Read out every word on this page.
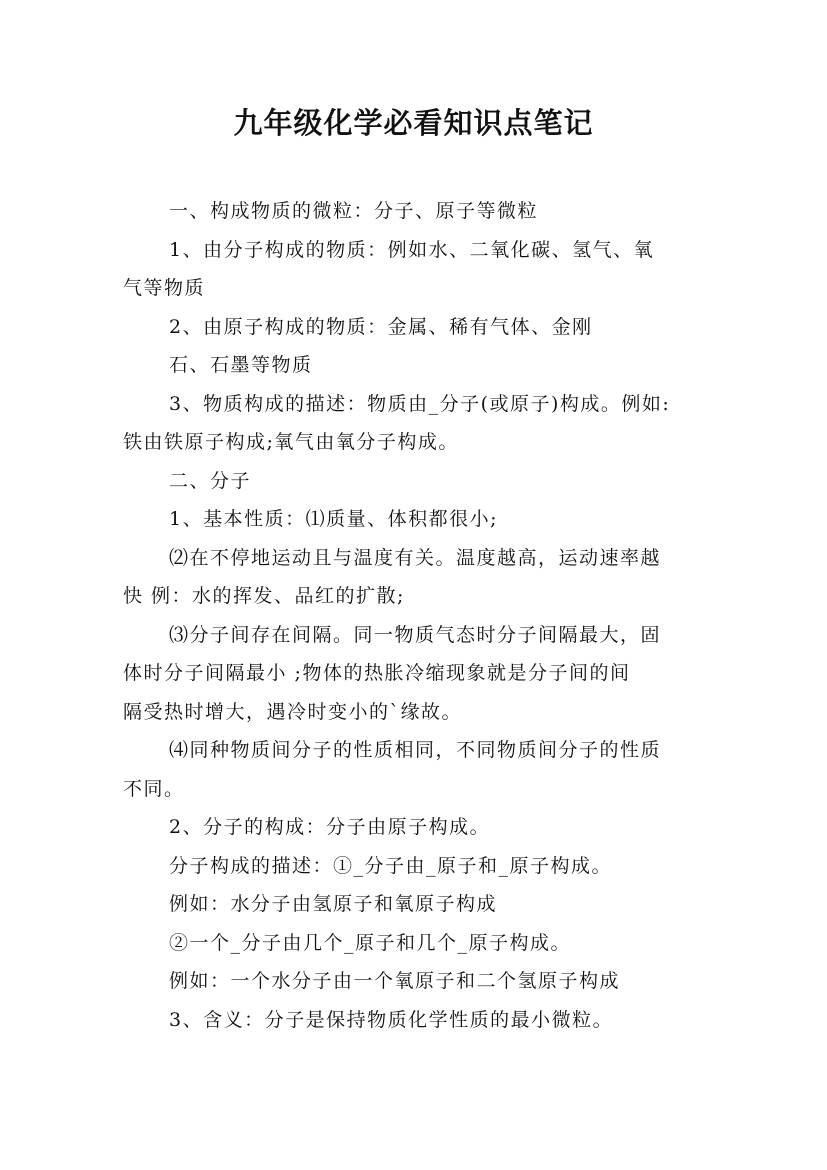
九年级化学必看知识点笔记

一、构成物质的微粒：分子、原子等微粒

1、由分子构成的物质：例如水、二氧化碳、氢气、氧

气等物质

2、由原子构成的物质：金属、稀有气体、金刚

石、石墨等物质

3、物质构成的描述：物质由_分子(或原子)构成。例如:

铁由铁原子构成;氧气由氧分子构成。

二、分子

1、基本性质：⑴质量、体积都很小;

⑵在不停地运动且与温度有关。温度越高，运动速率越

快 例：水的挥发、品红的扩散;

⑶分子间存在间隔。同一物质气态时分子间隔最大，固

体时分子间隔最小 ;物体的热胀冷缩现象就是分子间的间

隔受热时增大，遇冷时变小的`缘故。

⑷同种物质间分子的性质相同，不同物质间分子的性质

不同。

2、分子的构成：分子由原子构成。

分子构成的描述：①_分子由_原子和_原子构成。

例如：水分子由氢原子和氧原子构成

②一个_分子由几个_原子和几个_原子构成。

例如：一个水分子由一个氧原子和二个氢原子构成

3、含义：分子是保持物质化学性质的最小微粒。
